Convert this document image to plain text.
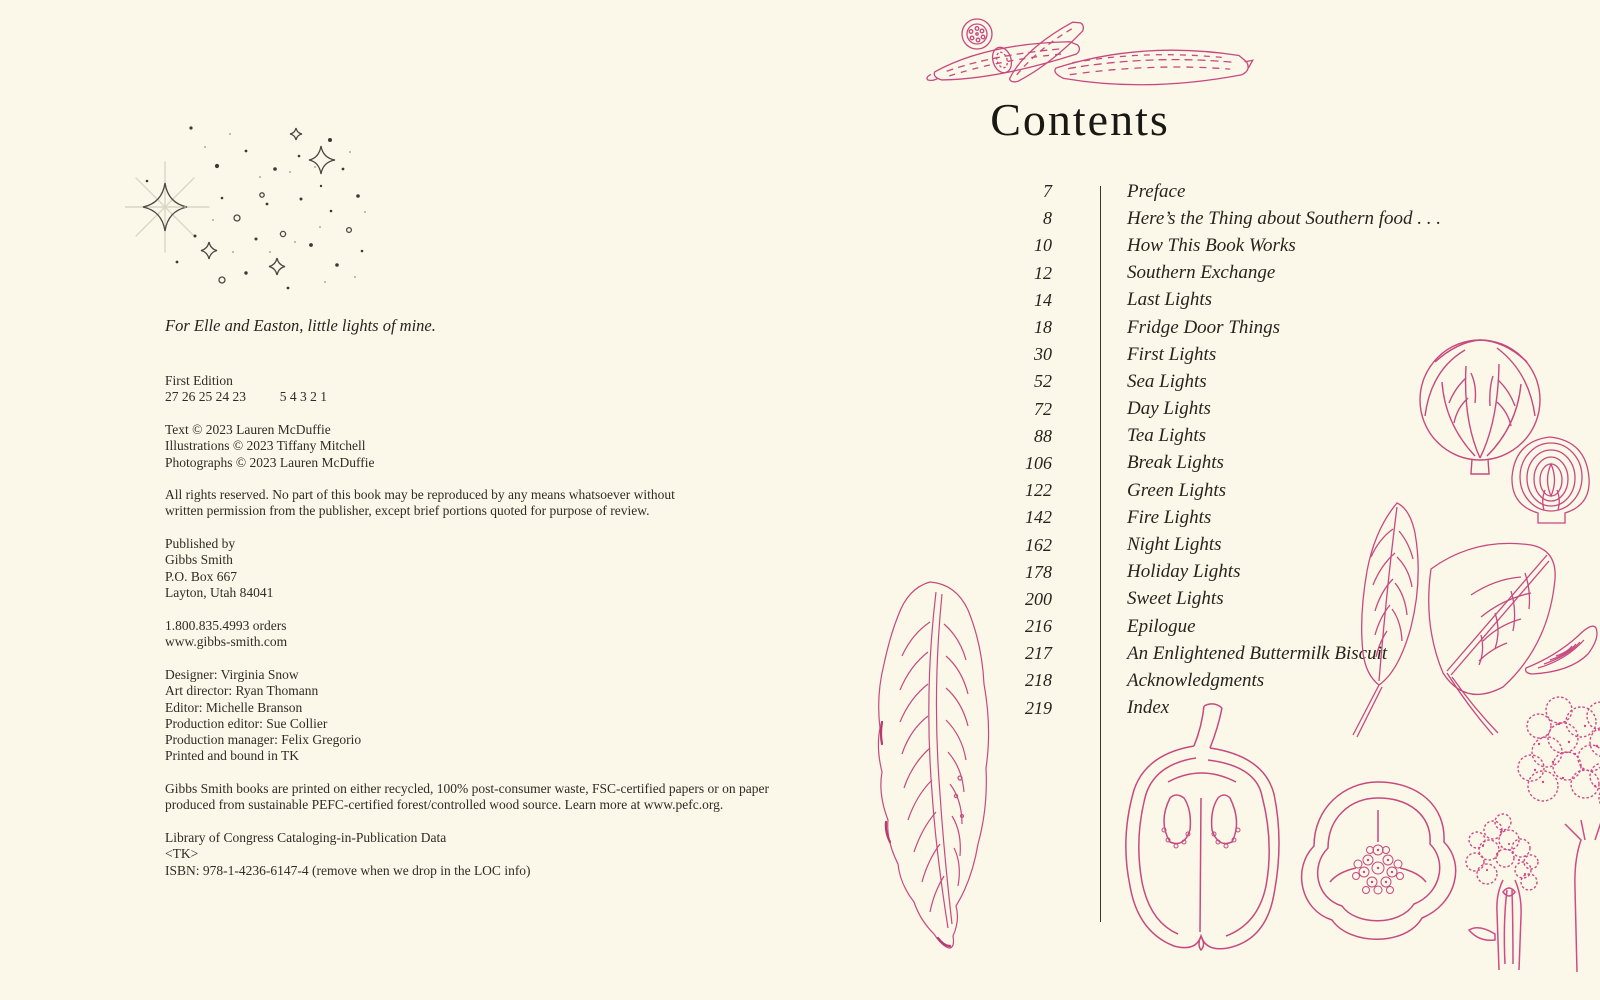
For Elle and Easton, little lights of mine.
First Edition
27 26 25 24 23          5 4 3 2 1
Text © 2023 Lauren McDuffie
Illustrations © 2023 Tiffany Mitchell
Photographs © 2023 Lauren McDuffie
All rights reserved. No part of this book may be reproduced by any means whatsoever without
written permission from the publisher, except brief portions quoted for purpose of review.
Published by
Gibbs Smith
P.O. Box 667
Layton, Utah 84041
1.800.835.4993 orders
www.gibbs-smith.com
Designer: Virginia Snow
Art director: Ryan Thomann
Editor: Michelle Branson
Production editor: Sue Collier
Production manager: Felix Gregorio
Printed and bound in TK
Gibbs Smith books are printed on either recycled, 100% post-consumer waste, FSC-certified papers or on paper
produced from sustainable PEFC-certified forest/controlled wood source. Learn more at www.pefc.org.
Library of Congress Cataloging-in-Publication Data
<TK>
ISBN: 978-1-4236-6147-4 (remove when we drop in the LOC info)
Contents
7	Preface
8	Here’s the Thing about Southern food . . .
10	How This Book Works
12	Southern Exchange
14	Last Lights
18	Fridge Door Things
30	First Lights
52	Sea Lights
72	Day Lights
88	Tea Lights
106	Break Lights
122	Green Lights
142	Fire Lights
162	Night Lights
178	Holiday Lights
200	Sweet Lights
216	Epilogue
217	An Enlightened Buttermilk Biscuit
218	Acknowledgments
219	Index
